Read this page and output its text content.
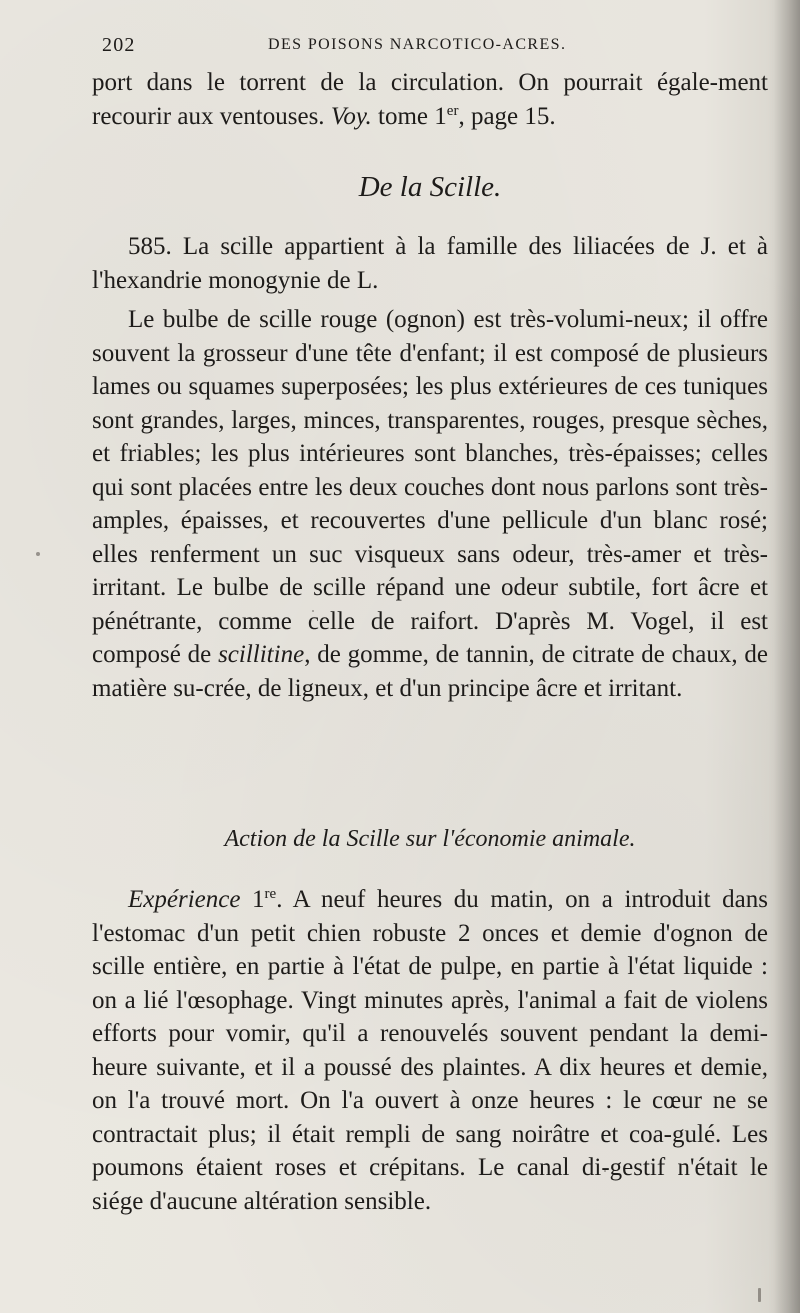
202	DES POISONS NARCOTICO-ACRES.

port dans le torrent de la circulation. On pourrait égale-ment recourir aux ventouses. Voy. tome 1er, page 15.

De la Scille.

585. La scille appartient à la famille des liliacées de J. et à l'hexandrie monogynie de L.

Le bulbe de scille rouge (ognon) est très-volumi-neux; il offre souvent la grosseur d'une tête d'enfant; il est composé de plusieurs lames ou squames superposées; les plus extérieures de ces tuniques sont grandes, larges, minces, transparentes, rouges, presque sèches, et friables; les plus intérieures sont blanches, très-épaisses; celles qui sont placées entre les deux couches dont nous parlons sont très-amples, épaisses, et recouvertes d'une pellicule d'un blanc rosé; elles renferment un suc visqueux sans odeur, très-amer et très-irritant. Le bulbe de scille répand une odeur subtile, fort âcre et pénétrante, comme celle de raifort. D'après M. Vogel, il est composé de scillitine, de gomme, de tannin, de citrate de chaux, de matière su-crée, de ligneux, et d'un principe âcre et irritant.

Action de la Scille sur l'économie animale.

Expérience 1re. A neuf heures du matin, on a introduit dans l'estomac d'un petit chien robuste 2 onces et demie d'ognon de scille entière, en partie à l'état de pulpe, en partie à l'état liquide : on a lié l'œsophage. Vingt minutes après, l'animal a fait de violens efforts pour vomir, qu'il a renouvelés souvent pendant la demi-heure suivante, et il a poussé des plaintes. A dix heures et demie, on l'a trouvé mort. On l'a ouvert à onze heures : le cœur ne se contractait plus; il était rempli de sang noirâtre et coa-gulé. Les poumons étaient roses et crépitans. Le canal di-gestif n'était le siége d'aucune altération sensible.
